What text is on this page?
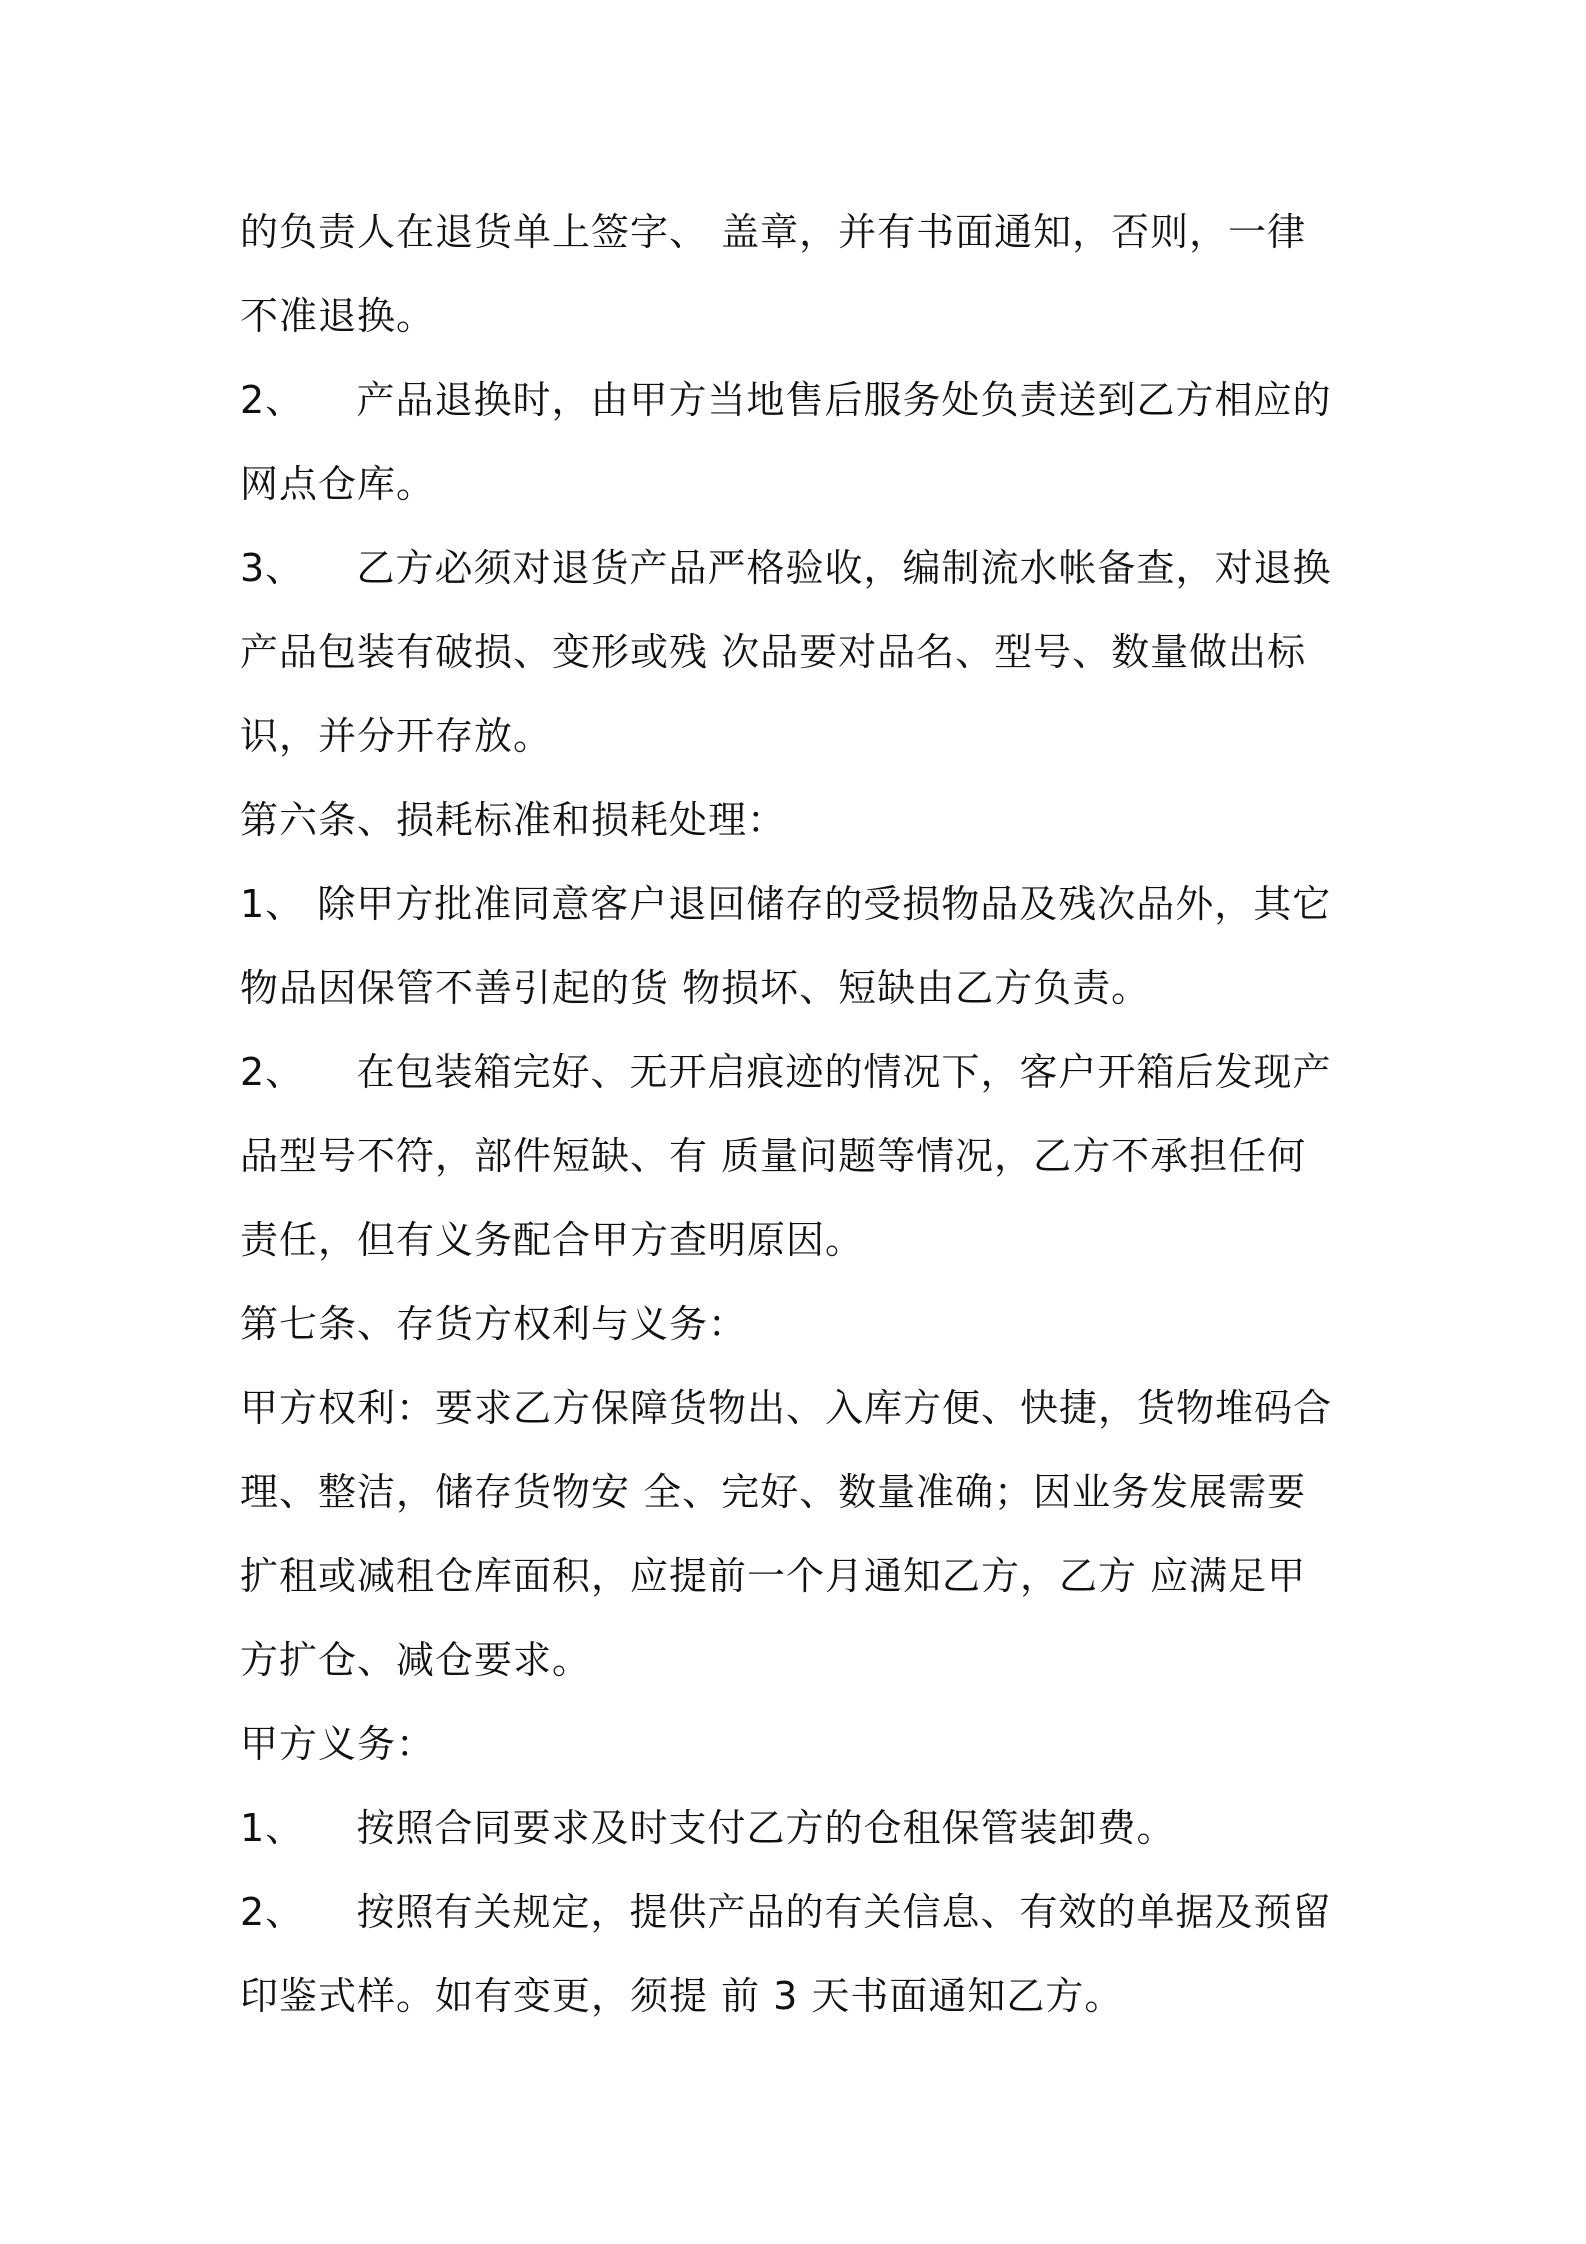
的负责人在退货单上签字、 盖章，并有书面通知，否则，一律
不准退换。
2、    产品退换时，由甲方当地售后服务处负责送到乙方相应的
网点仓库。
3、    乙方必须对退货产品严格验收，编制流水帐备查，对退换
产品包装有破损、变形或残 次品要对品名、型号、数量做出标
识，并分开存放。
第六条、损耗标准和损耗处理：
1、 除甲方批准同意客户退回储存的受损物品及残次品外，其它
物品因保管不善引起的货 物损坏、短缺由乙方负责。
2、    在包装箱完好、无开启痕迹的情况下，客户开箱后发现产
品型号不符，部件短缺、有 质量问题等情况，乙方不承担任何
责任，但有义务配合甲方查明原因。
第七条、存货方权利与义务：
甲方权利：要求乙方保障货物出、入库方便、快捷，货物堆码合
理、整洁，储存货物安 全、完好、数量准确；因业务发展需要
扩租或减租仓库面积，应提前一个月通知乙方，乙方 应满足甲
方扩仓、减仓要求。
甲方义务：
1、    按照合同要求及时支付乙方的仓租保管装卸费。
2、    按照有关规定，提供产品的有关信息、有效的单据及预留
印鉴式样。如有变更，须提 前 3 天书面通知乙方。
